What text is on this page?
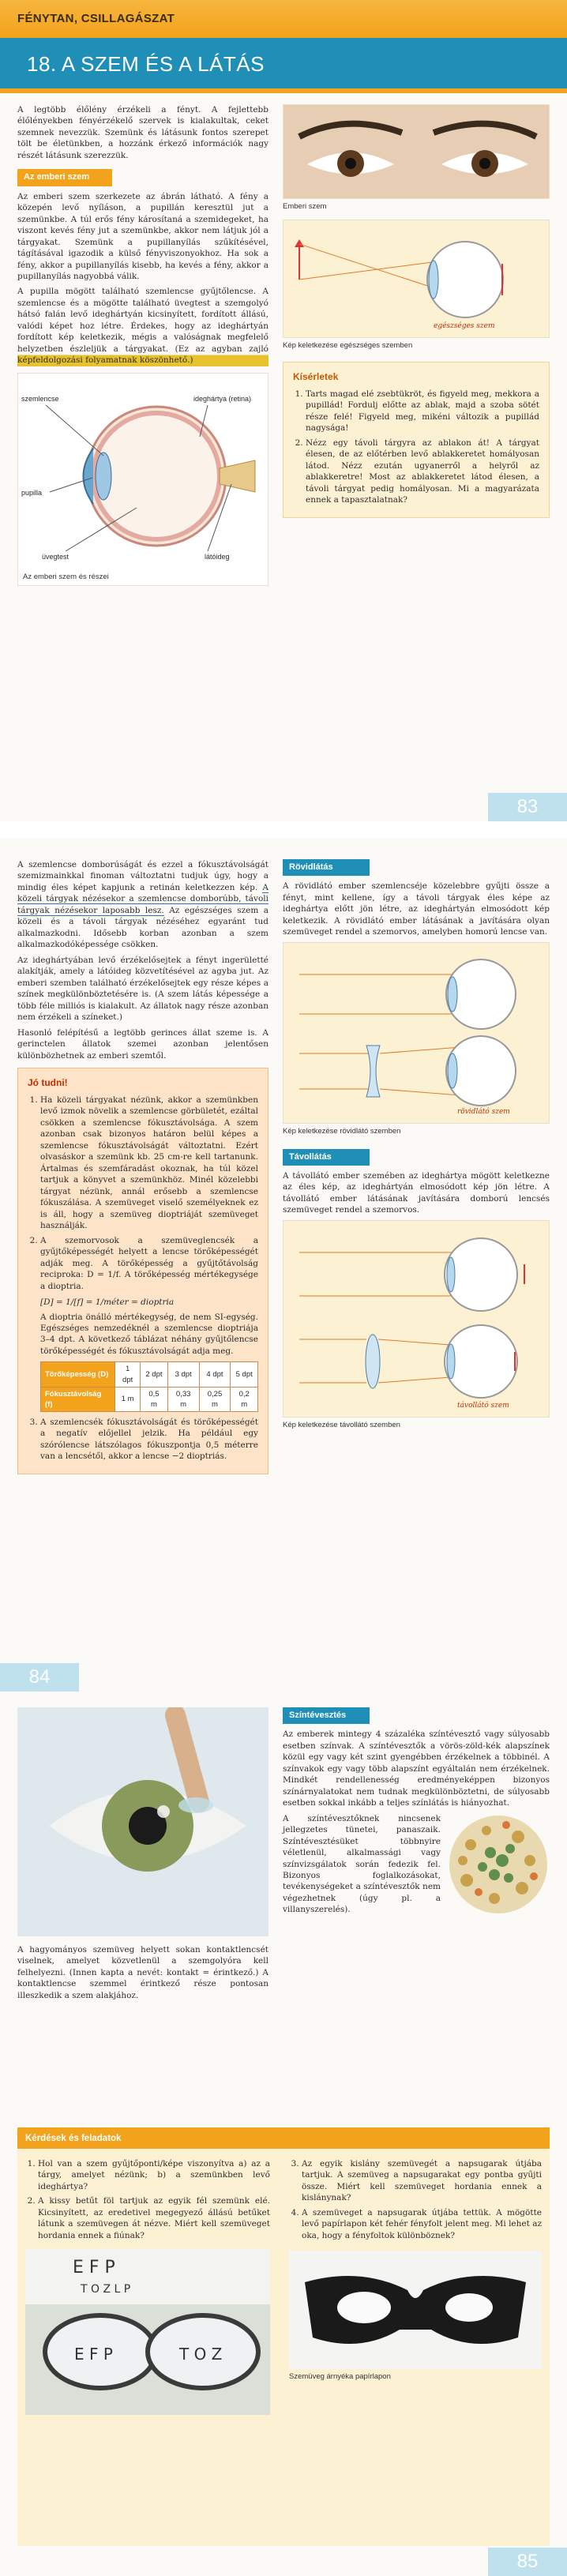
FÉNYTAN, CSILLAGÁSZAT
18. A SZEM ÉS A LÁTÁS

A legtöbb élőlény érzékeli a fényt. A fejlettebb élőlényekben fényérzékelő szervek is kialakultak, ceket szemnek nevezzük. Szemünk és látásunk fontos szerepet tölt be életünkben, a hozzánk érkező információk nagy részét látásunk szerezzük.

Az emberi szem

Az emberi szem szerkezete az ábrán látható. A fény a közepén levő nyíláson, a pupillán keresztül jut a szemünkbe. A túl erős fény károsítaná a szemidegeket, ha viszont kevés fény jut a szemünkbe, akkor nem látjuk jól a tárgyakat. Szemünk a pupillanyílás szűkítésével, tágításával igazodik a külső fényviszonyokhoz. Ha sok a fény, akkor a pupillanyílás kisebb, ha kevés a fény, akkor a pupillanyílás nagyobbá válik.

A pupilla mögött található szemlencse gyűjtőlencse. A szemlencse és a mögötte található üvegtest a szemgolyó hátsó falán levő ideghártyán kicsinyített, fordított állású, valódi képet hoz létre. Érdekes, hogy az ideghártyán fordított kép keletkezik, mégis a valóságnak megfelelő helyzetben észleljük a tárgyakat. (Ez az agyban zajló képfeldolgozási folyamatnak köszönhető.)

szemlencse	ideghártya (retina)
pupilla
üvegtest	látóideg
Az emberi szem és részei
Emberi szem
egészséges szem
Kép keletkezése egészséges szemben
Kísérletek
1. Tarts magad elé zsebtükröt, és figyeld meg, mekkora a pupillád! Fordulj előtte az ablak, majd a szoba sötét része felé! Figyeld meg, mikéni változik a pupillád nagysága!
2. Nézz egy távoli tárgyra az ablakon át! A tárgyat élesen, de az előtérben levő ablakkeretet homályosan látod. Nézz ezután ugyanerről a helyről az ablakkeretre! Most az ablakkeretet látod élesen, a távoli tárgyat pedig homályosan. Mi a magyarázata ennek a tapasztalatnak?
83

A szemlencse domborúságát és ezzel a fókusztávolságát szemizmainkkal finoman változtatni tudjuk úgy, hogy a mindig éles képet kapjunk a retinán keletkezzen kép. A közeli tárgyak nézésekor a szemlencse domborúbb, távoli tárgyak nézésekor laposabb lesz. Az egészséges szem a közeli és a távoli tárgyak nézéséhez egyaránt tud alkalmazkodni. Idősebb korban azonban a szem alkalmazkodóképessége csökken.

Az ideghártyában levő érzékelősejtek a fényt ingerületté alakítják, amely a látóideg közvetítésével az agyba jut. Az emberi szemben található érzékelősejtek egy része képes a színek megkülönböztetésére is. (A szem látás képessége a több féle milliós is kialakult. Az állatok nagy része azonban nem érzékeli a színeket.)

Hasonló felépítésű a legtöbb gerinces állat szeme is. A gerinctelen állatok szemei azonban jelentősen különbözhetnek az emberi szemtől.

Jó tudni!
1. Ha közeli tárgyakat nézünk, akkor a szemünkben levő izmok növelik a szemlencse görbületét, ezáltal csökken a szemlencse fókusztávolsága. A szem azonban csak bizonyos határon belül képes a szemlencse fókusztávolságát változtatni. Ezért olvasáskor a szemünk kb. 25 cm-re kell tartanunk. Ártalmas és szemfáradást okoznak, ha túl közel tartjuk a könyvet a szemünkhöz. Minél közelebbi tárgyat nézünk, annál erősebb a szemlencse fókuszálása. A szemüveget viselő személyeknek ez is áll, hogy a szemüveg dioptriáját szemüveget használják.
2. A szemorvosok a szemüveglencsék a gyűjtőképességét helyett a lencse törőképességét adják meg. A törőképesség a gyűjtőtávolság reciproka: D = 1/f. A törőképesség mértékegysége a dioptria.
[D] = 1/[f] = 1/méter = dioptria

A dioptria önálló mértékegység, de nem SI-egység. Egészséges nemzedéknél a szemlencse dioptriája 3–4 dpt. A következő táblázat néhány gyűjtőlencse törőképességét és fókusztávolságát adja meg.

Törőképesség (D)	1 dpt	2 dpt	3 dpt	4 dpt	5 dpt
Fókusztávolság (f)	1 m	0,5 m	0,33 m	0,25 m	0,2 m
3. A szemlencsék fókusztávolságát és törőképességét a negatív előjellel jelzik. Ha például egy szórólencse látszólagos fókuszpontja 0,5 méterre van a lencsétől, akkor a lencse −2 dioptriás.
Rövidlátás

A rövidlátó ember szemlencséje közelebbre gyűjti össze a fényt, mint kellene, így a távoli tárgyak éles képe az ideghártya előtt jön létre, az ideghártyán elmosódott kép keletkezik. A rövidlátó ember látásának a javítására olyan szemüveget rendel a szemorvos, amelyben homorú lencse van.

rövidlátó szem
Kép keletkezése rövidlátó szemben
Távollátás

A távollátó ember szemében az ideghártya mögött keletkezne az éles kép, az ideghártyán elmosódott kép jön létre. A távollátó ember látásának javítására domború lencsés szemüveget rendel a szemorvos.

távollátó szem
Kép keletkezése távollátó szemben
84

A hagyományos szemüveg helyett sokan kontaktlencsét viselnek, amelyet közvetlenül a szemgolyóra kell felhelyezni. (Innen kapta a nevét: kontakt = érintkező.) A kontaktlencse szemmel érintkező része pontosan illeszkedik a szem alakjához.

Színtévesztés

Az emberek mintegy 4 százaléka színtévesztő vagy súlyosabb esetben színvak. A színtévesztők a vörös-zöld-kék alapszínek közül egy vagy két szint gyengébben érzékelnek a többinél. A színvakok egy vagy több alapszínt egyáltalán nem érzékelnek. Mindkét rendellenesség eredményeképpen bizonyos színárnyalatokat nem tudnak megkülönböztetni, de súlyosabb esetben sokkal inkább a teljes színlátás is hiányozhat.

A színtévesztőknek nincsenek jellegzetes tünetei, panaszaik. Színtévesztésüket többnyire véletlenül, alkalmassági vagy színvizsgálatok során fedezik fel. Bizonyos foglalkozásokat, tevékenységeket a színtévesztők nem végezhetnek (úgy pl. a villanyszerelés).

Kérdések és feladatok
1. Hol van a szem gyűjtőponti/képe viszonyítva a) az a tárgy, amelyet nézünk; b) a szemünkben levő ideghártya?
2. A kissy betűt föl tartjuk az egyik fél szemünk elé. Kicsinyített, az eredetivel megegyező állású betűket látunk a szemüvegen át nézve. Miért kell szemüveget hordania ennek a fiúnak?
E F P
T O Z L P
E F P	T O Z
3. Az egyik kislány szemüvegét a napsugarak útjába tartjuk. A szemüveg a napsugarakat egy pontba gyűjti össze. Miért kell szemüveget hordania ennek a kislánynak?
4. A szemüveget a napsugarak útjába tettük. A mögötte levő papírlapon két fehér fényfolt jelent meg. Mi lehet az oka, hogy a fényfoltok különböznek?
Szemüveg árnyéka papírlapon
85
